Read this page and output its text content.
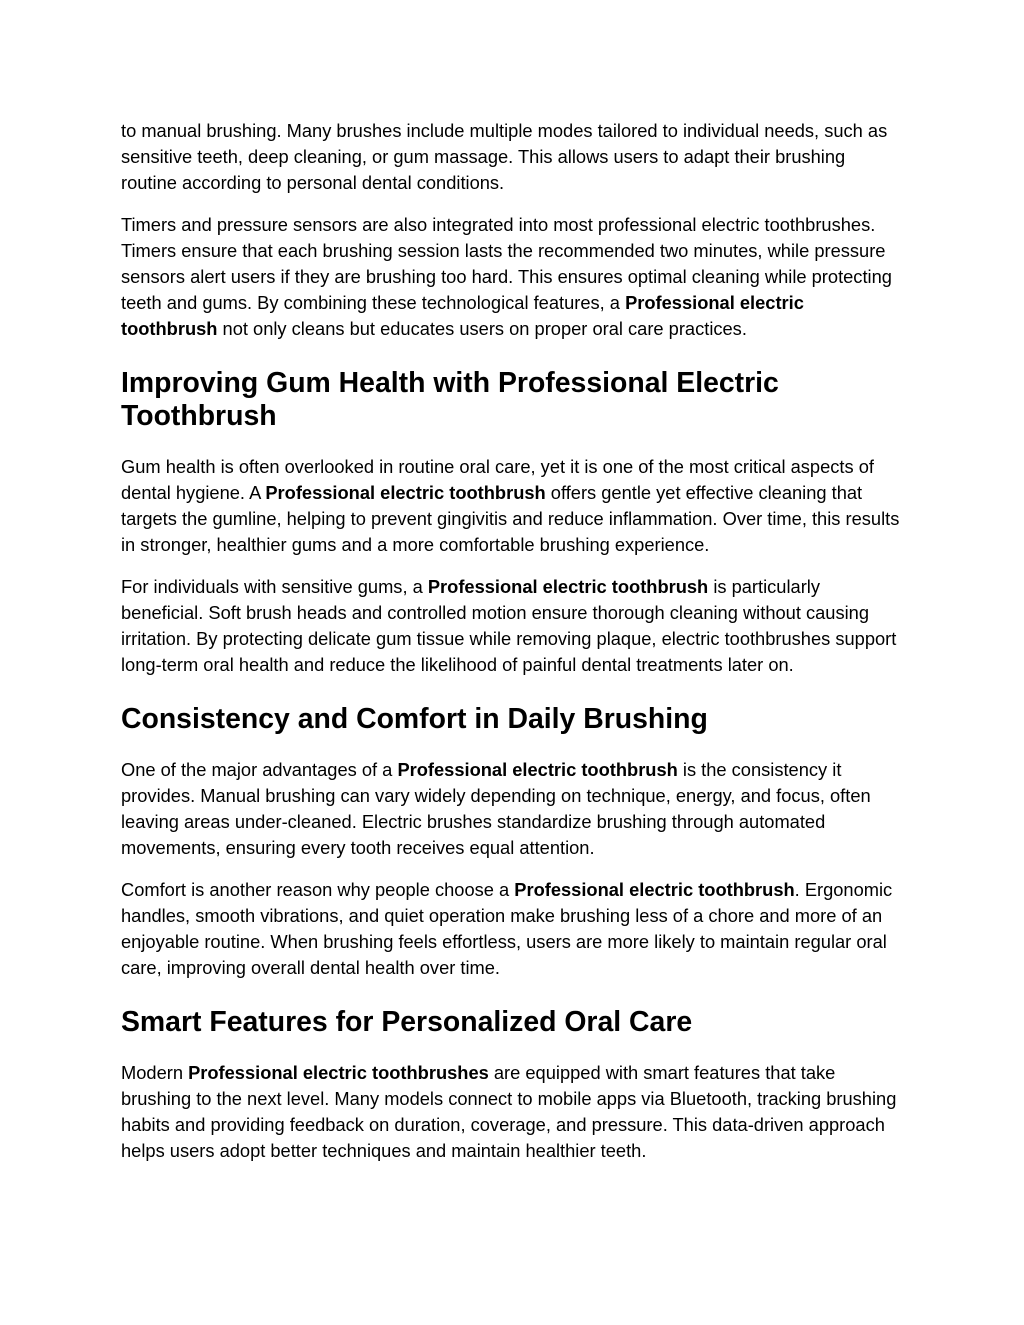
to manual brushing. Many brushes include multiple modes tailored to individual needs, such as sensitive teeth, deep cleaning, or gum massage. This allows users to adapt their brushing routine according to personal dental conditions.

Timers and pressure sensors are also integrated into most professional electric toothbrushes. Timers ensure that each brushing session lasts the recommended two minutes, while pressure sensors alert users if they are brushing too hard. This ensures optimal cleaning while protecting teeth and gums. By combining these technological features, a Professional electric toothbrush not only cleans but educates users on proper oral care practices.

Improving Gum Health with Professional Electric Toothbrush

Gum health is often overlooked in routine oral care, yet it is one of the most critical aspects of dental hygiene. A Professional electric toothbrush offers gentle yet effective cleaning that targets the gumline, helping to prevent gingivitis and reduce inflammation. Over time, this results in stronger, healthier gums and a more comfortable brushing experience.

For individuals with sensitive gums, a Professional electric toothbrush is particularly beneficial. Soft brush heads and controlled motion ensure thorough cleaning without causing irritation. By protecting delicate gum tissue while removing plaque, electric toothbrushes support long-term oral health and reduce the likelihood of painful dental treatments later on.

Consistency and Comfort in Daily Brushing

One of the major advantages of a Professional electric toothbrush is the consistency it provides. Manual brushing can vary widely depending on technique, energy, and focus, often leaving areas under-cleaned. Electric brushes standardize brushing through automated movements, ensuring every tooth receives equal attention.

Comfort is another reason why people choose a Professional electric toothbrush. Ergonomic handles, smooth vibrations, and quiet operation make brushing less of a chore and more of an enjoyable routine. When brushing feels effortless, users are more likely to maintain regular oral care, improving overall dental health over time.

Smart Features for Personalized Oral Care

Modern Professional electric toothbrushes are equipped with smart features that take brushing to the next level. Many models connect to mobile apps via Bluetooth, tracking brushing habits and providing feedback on duration, coverage, and pressure. This data-driven approach helps users adopt better techniques and maintain healthier teeth.
